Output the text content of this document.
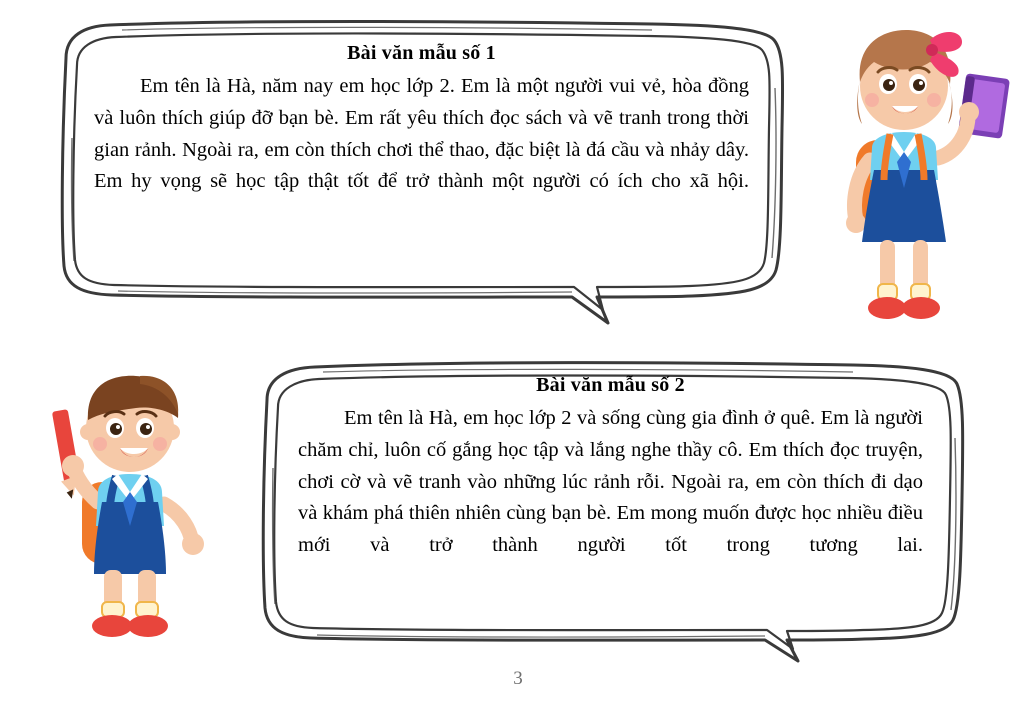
Bài văn mẫu số 1
Em tên là Hà, năm nay em học lớp 2. Em là một người vui vẻ, hòa đồng và luôn thích giúp đỡ bạn bè. Em rất yêu thích đọc sách và vẽ tranh trong thời gian rảnh. Ngoài ra, em còn thích chơi thể thao, đặc biệt là đá cầu và nhảy dây. Em hy vọng sẽ học tập thật tốt để trở thành một người có ích cho xã hội.
Bài văn mẫu số 2
Em tên là Hà, em học lớp 2 và sống cùng gia đình ở quê. Em là người chăm chỉ, luôn cố gắng học tập và lắng nghe thầy cô. Em thích đọc truyện, chơi cờ và vẽ tranh vào những lúc rảnh rỗi. Ngoài ra, em còn thích đi dạo và khám phá thiên nhiên cùng bạn bè. Em mong muốn được học nhiều điều mới và trở thành người tốt trong tương lai.
3
